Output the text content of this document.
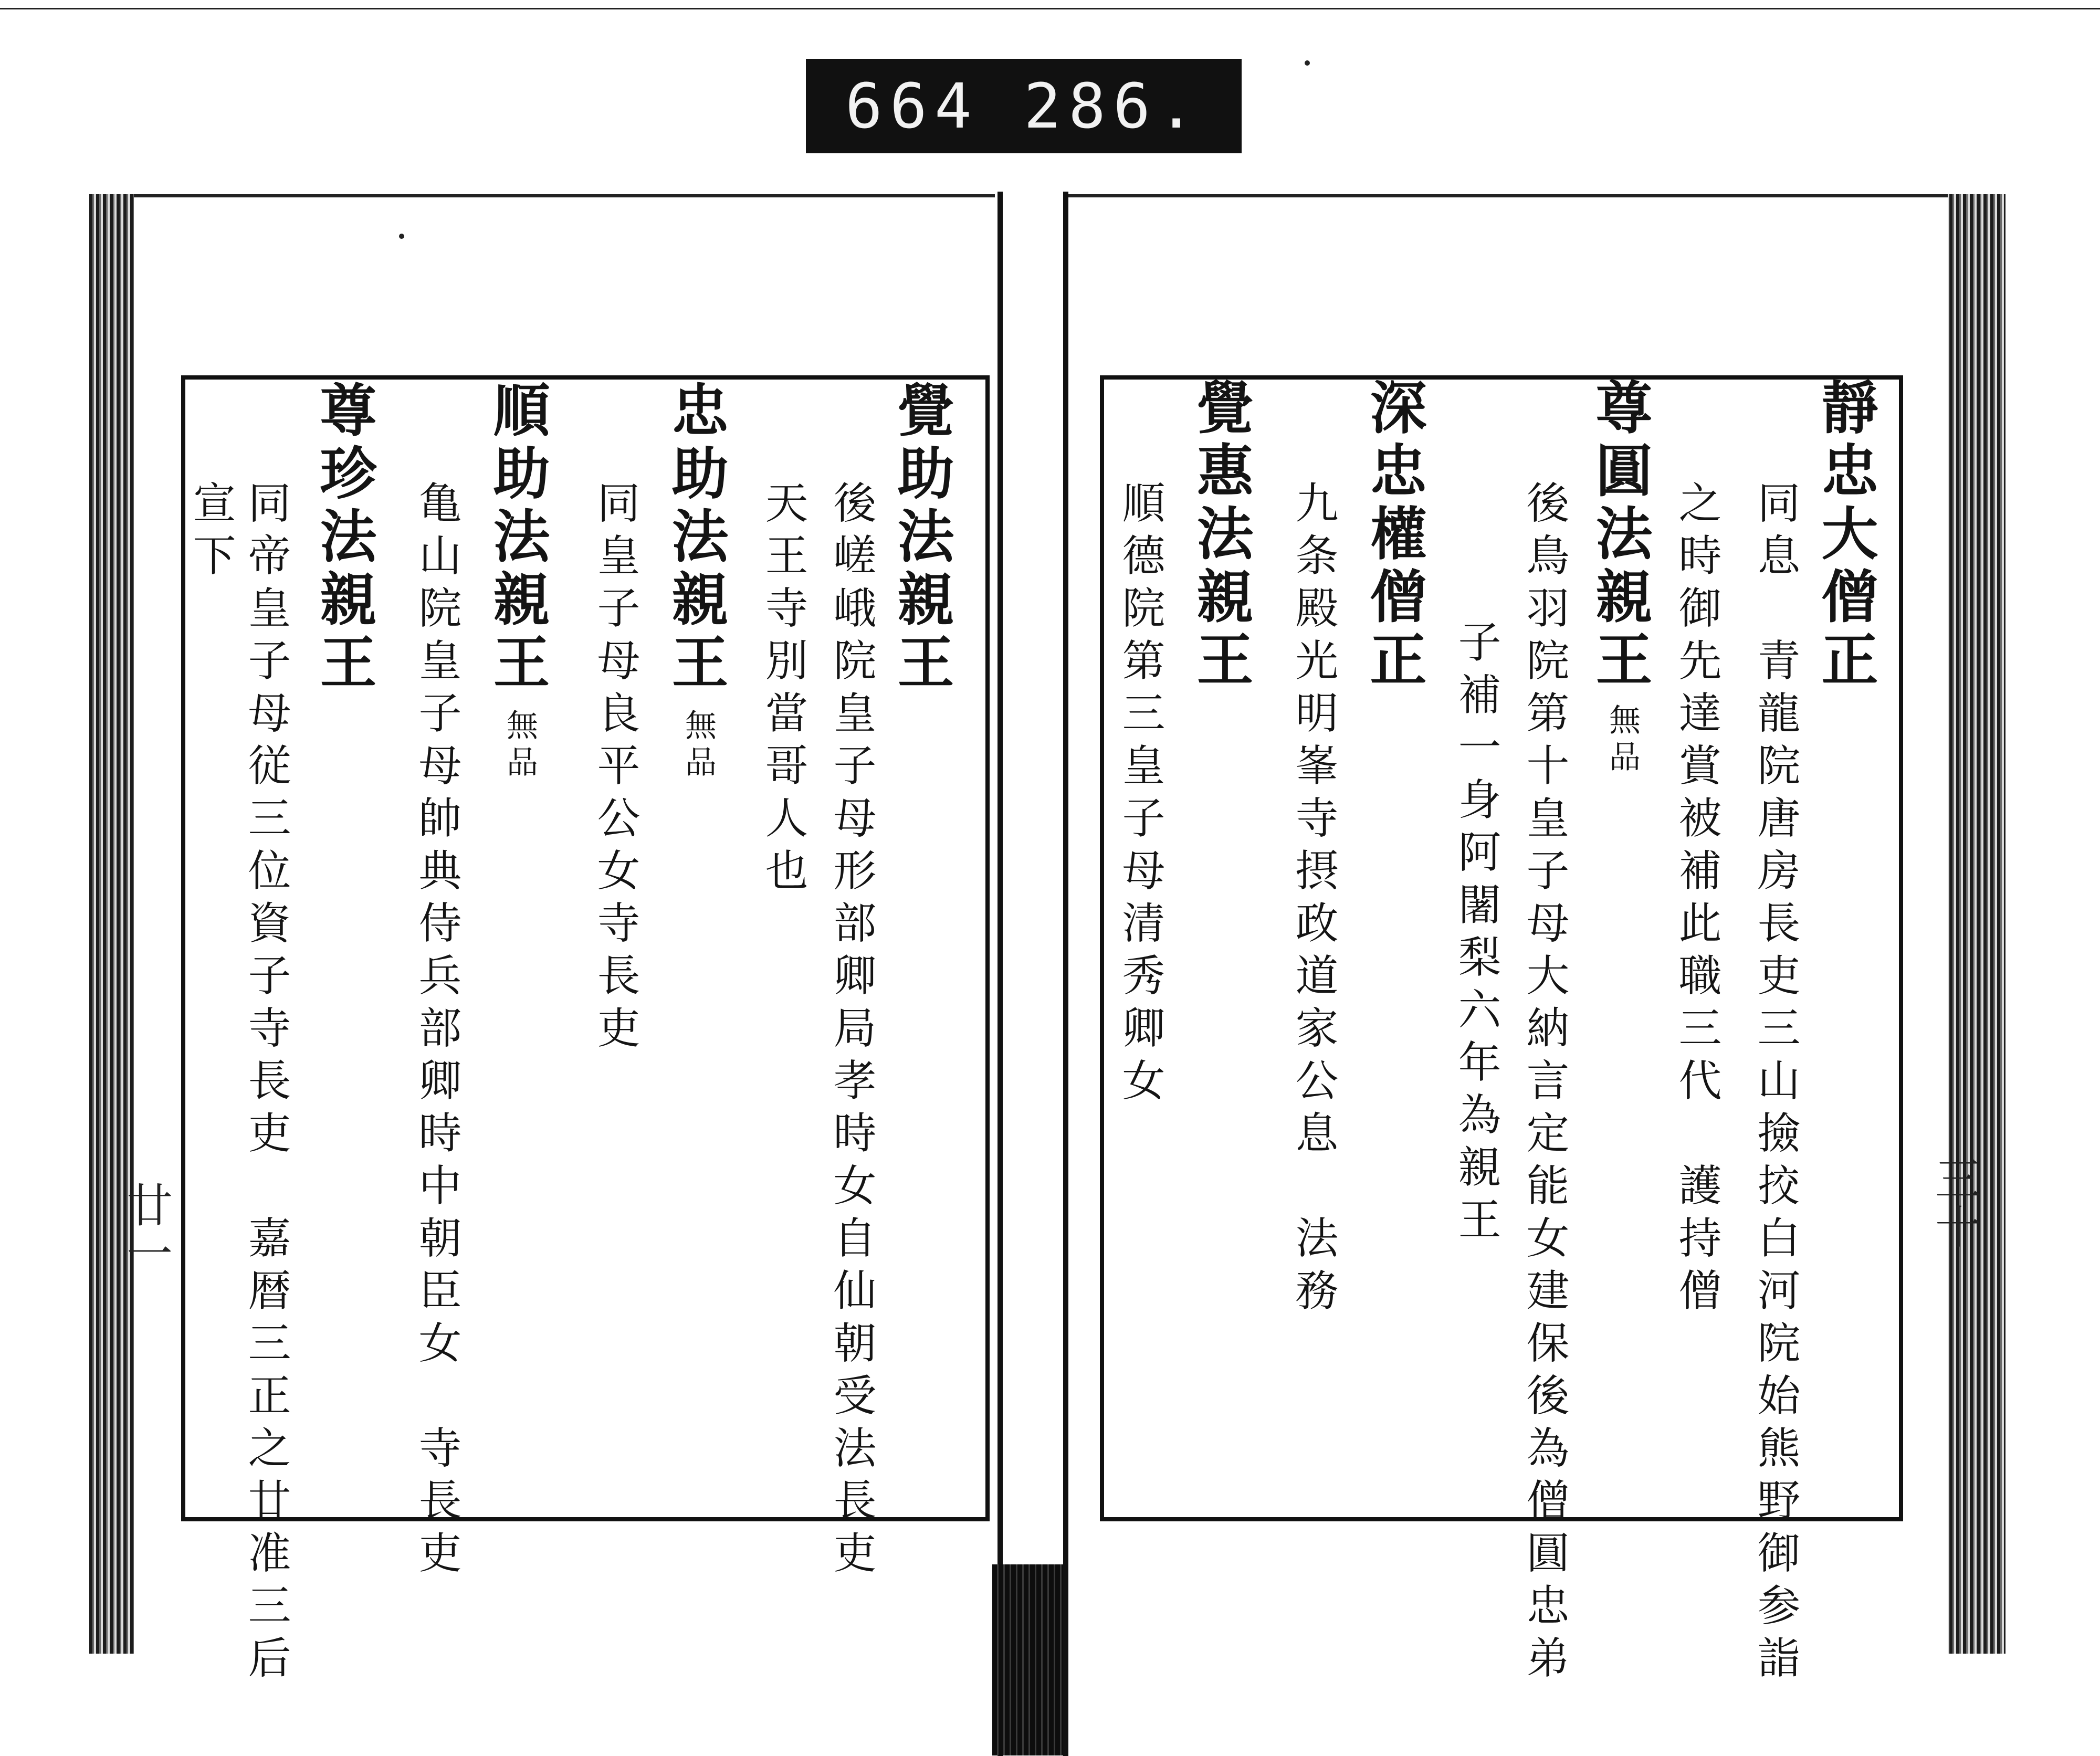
664 286.
廿一	三十
靜忠大僧正
同息　青龍院唐房長吏三山撿挍白河院始熊野御参詣
之時御先達賞被補此職三代　護持僧
尊圓法親王
無品
後鳥羽院第十皇子母大納言定能女建保後為僧圓忠弟
子補一身阿闍梨六年為親王
深忠權僧正
九条殿光明峯寺摂政道家公息　法務
覺惠法親王
順德院第三皇子母清秀卿女
覺助法親王
後嵯峨院皇子母形部卿局孝時女自仙朝受法長吏
天王寺別當哥人也
忠助法親王
無品
同皇子母良平公女寺長吏
順助法親王
無品
亀山院皇子母帥典侍兵部卿時中朝臣女　寺長吏
尊珍法親王
同帝皇子母従三位資子寺長吏　嘉暦三正之廿准三后
宣下
